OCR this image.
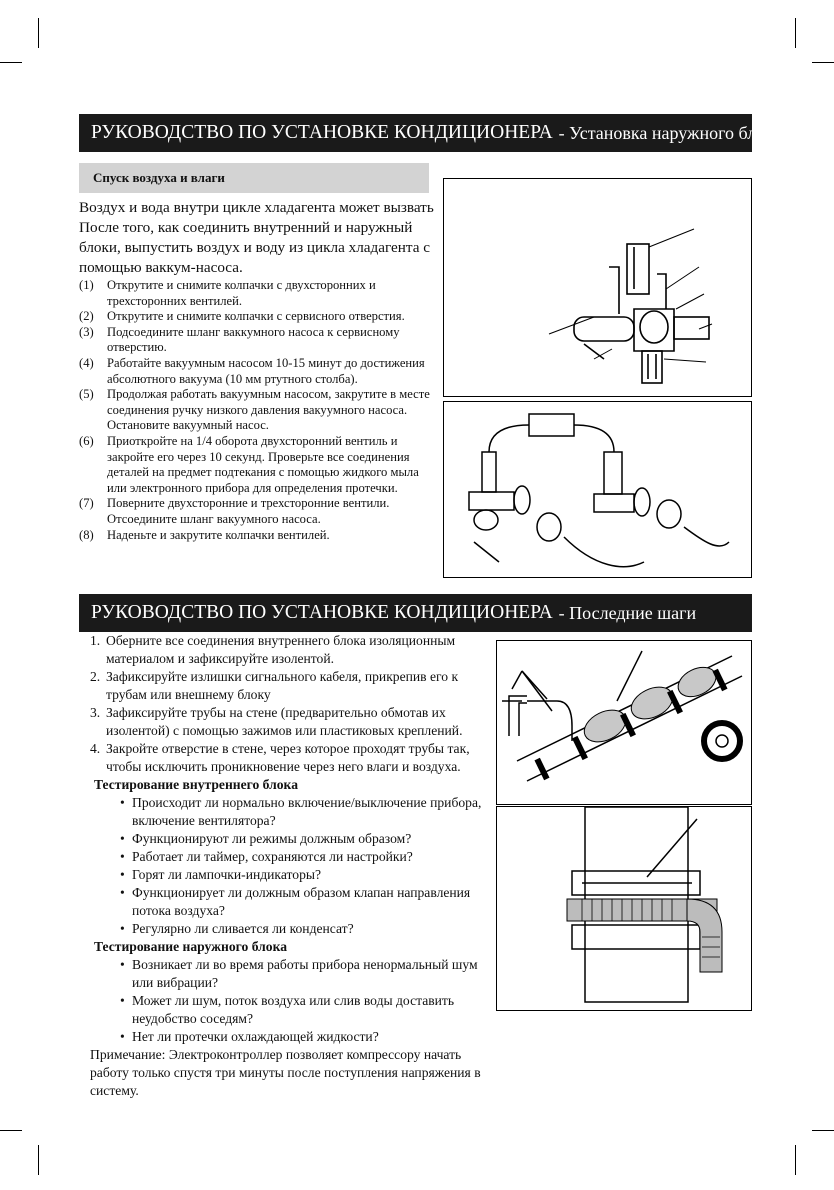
РУКОВОДСТВО ПО УСТАНОВКЕ КОНДИЦИОНЕРА - Установка наружного блока
Спуск воздуха и влаги
Воздух и вода внутри цикле хладагента может вызвать После того, как соединить внутренний и наружный блоки, выпустить воздух и воду из цикла хладагента с помощью ваккум-насоса.
(1)	Открутите и снимите колпачки с двухсторонних и трехсторонних вентилей.
(2)	Открутите и снимите колпачки с сервисного отверстия.
(3)	Подсоедините шланг ваккумного насоса к сервисному отверстию.
(4)	Работайте вакуумным насосом 10-15 минут до достижения абсолютного вакуума (10 мм ртутного столба).
(5)	Продолжая работать вакуумным насосом, закрутите в месте соединения ручку низкого давления вакуумного насоса. Остановите вакуумный насос.
(6)	Приоткройте на 1/4 оборота двухсторонний вентиль и закройте его через 10 секунд. Проверьте все соединения деталей на предмет подтекания с помощью жидкого мыла или электронного прибора для определения протечки.
(7)	Поверните двухсторонние и трехсторонние вентили. Отсоедините шланг вакуумного насоса.
(8)	Наденьте и закрутите колпачки вентилей.
РУКОВОДСТВО ПО УСТАНОВКЕ КОНДИЦИОНЕРА - Последние шаги
1. Оберните все соединения внутреннего блока изоляционным материалом и зафиксируйте изолентой.
2. Зафиксируйте излишки сигнального кабеля, прикрепив его к трубам или внешнему блоку
3. Зафиксируйте трубы на стене (предварительно обмотав их изолентой) с помощью зажимов или пластиковых креплений.
4. Закройте отверстие в стене, через которое проходят трубы так, чтобы исключить проникновение через него влаги и воздуха.
Тестирование внутреннего блока
• Происходит ли нормально включение/выключение прибора, включение вентилятора?
• Функционируют ли режимы должным образом?
• Работает ли таймер, сохраняются ли настройки?
• Горят ли лампочки-индикаторы?
• Функционирует ли должным образом клапан направления потока воздуха?
• Регулярно ли сливается ли конденсат?
Тестирование наружного блока
• Возникает ли во время работы прибора ненормальный шум или вибрации?
• Может ли шум, поток воздуха или слив воды доставить неудобство соседям?
• Нет ли протечки охлаждающей жидкости?
Примечание: Электроконтроллер позволяет компрессору начать работу только спустя три минуты после поступления напряжения в систему.
